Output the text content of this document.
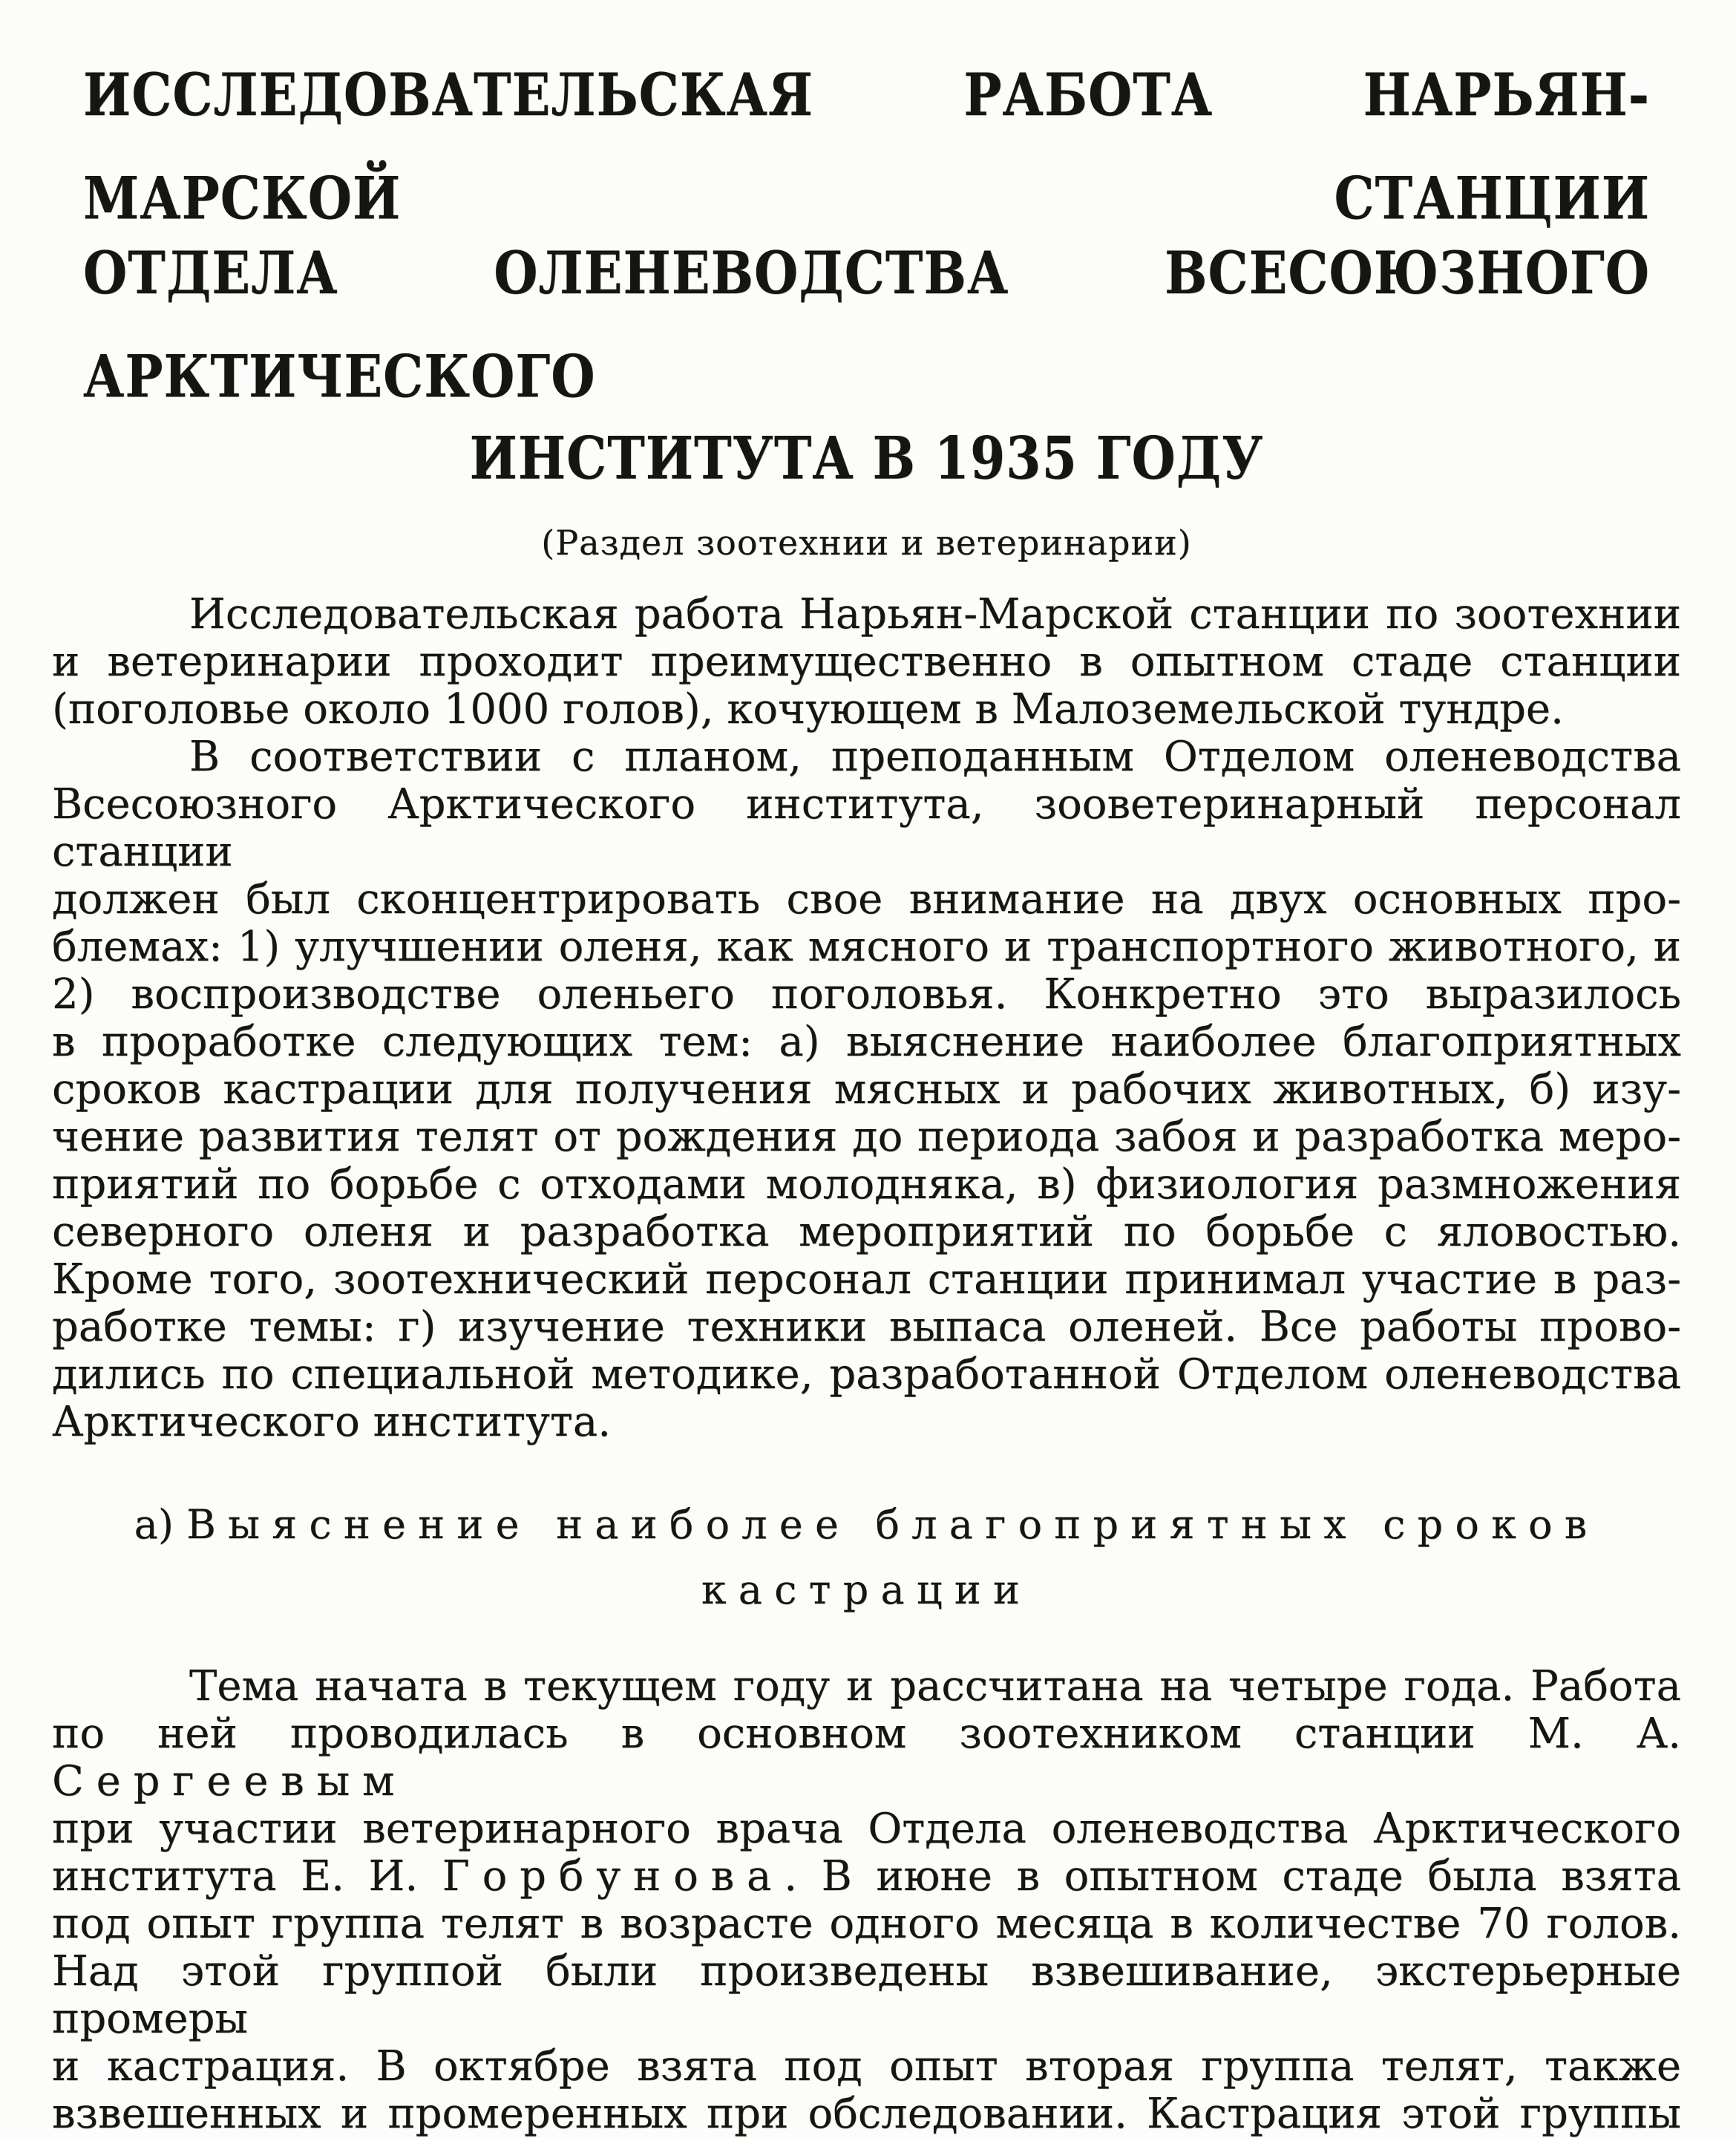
ИССЛЕДОВАТЕЛЬСКАЯ РАБОТА НАРЬЯН-МАРСКОЙ СТАНЦИИ
ОТДЕЛА ОЛЕНЕВОДСТВА ВСЕСОЮЗНОГО АРКТИЧЕСКОГО
ИНСТИТУТА В 1935 ГОДУ
(Раздел зоотехнии и ветеринарии)
Исследовательская работа Нарьян-Марской станции по зоотехнии
и ветеринарии проходит преимущественно в опытном стаде станции
(поголовье около 1000 голов), кочующем в Малоземельской тундре.
В соответствии с планом, преподанным Отделом оленеводства
Всесоюзного Арктического института, зооветеринарный персонал станции
должен был сконцентрировать свое внимание на двух основных про-
блемах: 1) улучшении оленя, как мясного и транспортного животного, и
2) воспроизводстве оленьего поголовья. Конкретно это выразилось
в проработке следующих тем: а) выяснение наиболее благоприятных
сроков кастрации для получения мясных и рабочих животных, б) изу-
чение развития телят от рождения до периода забоя и разработка меро-
приятий по борьбе с отходами молодняка, в) физиология размножения
северного оленя и разработка мероприятий по борьбе с яловостью.
Кроме того, зоотехнический персонал станции принимал участие в раз-
работке темы: г) изучение техники выпаса оленей. Все работы прово-
дились по специальной методике, разработанной Отделом оленеводства
Арктического института.
а) Выяснение наиболее благоприятных сроков
кастрации
Тема начата в текущем году и рассчитана на четыре года. Работа
по ней проводилась в основном зоотехником станции М. А. Сергеевым
при участии ветеринарного врача Отдела оленеводства Арктического
института Е. И. Горбунова. В июне в опытном стаде была взята
под опыт группа телят в возрасте одного месяца в количестве 70 голов.
Над этой группой были произведены взвешивание, экстерьерные промеры
и кастрация. В октябре взята под опыт вторая группа телят, также
взвешенных и промеренных при обследовании. Кастрация этой группы
